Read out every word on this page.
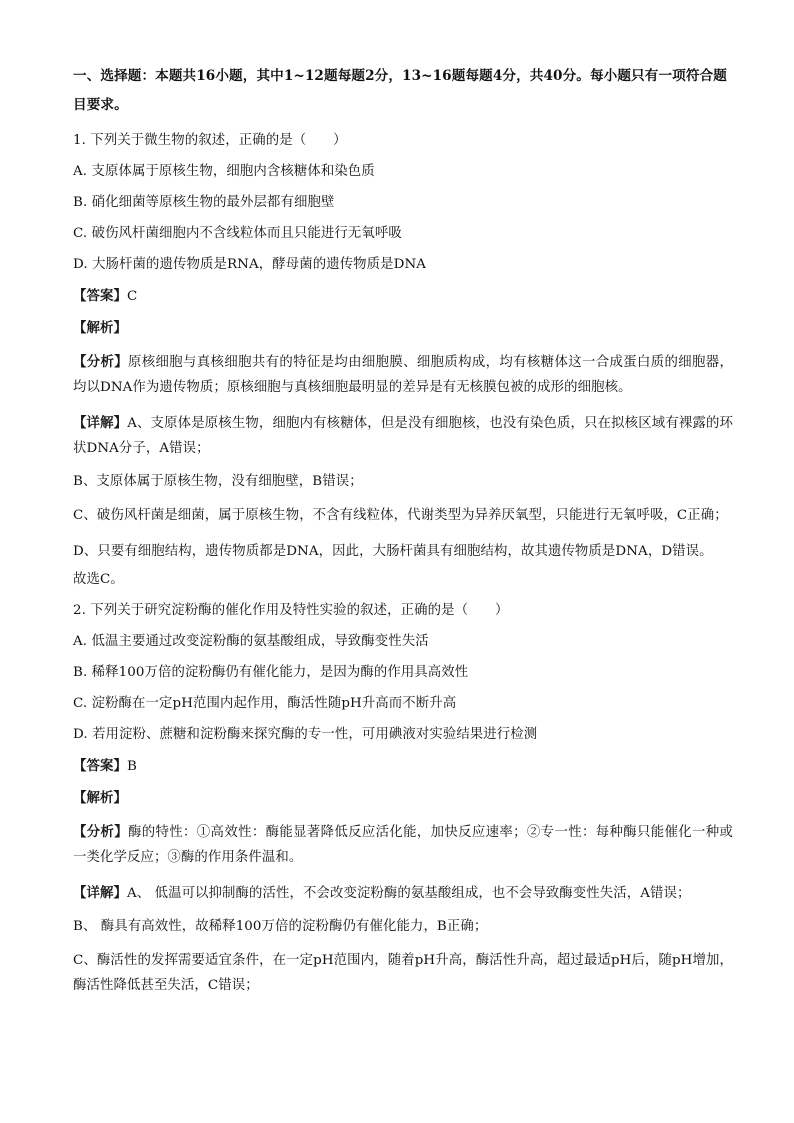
一、选择题：本题共16小题，其中1~12题每题2分，13~16题每题4分，共40分。每小题只有一项符合题目要求。

1. 下列关于微生物的叙述，正确的是（　　）

A. 支原体属于原核生物，细胞内含核糖体和染色质

B. 硝化细菌等原核生物的最外层都有细胞壁

C. 破伤风杆菌细胞内不含线粒体而且只能进行无氧呼吸

D. 大肠杆菌的遗传物质是RNA，酵母菌的遗传物质是DNA

【答案】C

【解析】

【分析】原核细胞与真核细胞共有的特征是均由细胞膜、细胞质构成，均有核糖体这一合成蛋白质的细胞器，均以DNA作为遗传物质；原核细胞与真核细胞最明显的差异是有无核膜包被的成形的细胞核。

【详解】A、支原体是原核生物，细胞内有核糖体，但是没有细胞核，也没有染色质，只在拟核区域有裸露的环状DNA分子，A错误；

B、支原体属于原核生物，没有细胞壁，B错误；

C、破伤风杆菌是细菌，属于原核生物，不含有线粒体，代谢类型为异养厌氧型，只能进行无氧呼吸，C正确；

D、只要有细胞结构，遗传物质都是DNA，因此，大肠杆菌具有细胞结构，故其遗传物质是DNA，D错误。

故选C。

2. 下列关于研究淀粉酶的催化作用及特性实验的叙述，正确的是（　　）

A. 低温主要通过改变淀粉酶的氨基酸组成，导致酶变性失活

B. 稀释100万倍的淀粉酶仍有催化能力，是因为酶的作用具高效性

C. 淀粉酶在一定pH范围内起作用，酶活性随pH升高而不断升高

D. 若用淀粉、蔗糖和淀粉酶来探究酶的专一性，可用碘液对实验结果进行检测

【答案】B

【解析】

【分析】酶的特性：①高效性：酶能显著降低反应活化能，加快反应速率；②专一性：每种酶只能催化一种或一类化学反应；③酶的作用条件温和。

【详解】A、 低温可以抑制酶的活性，不会改变淀粉酶的氨基酸组成，也不会导致酶变性失活，A错误；

B、 酶具有高效性，故稀释100万倍的淀粉酶仍有催化能力，B正确；

C、酶活性的发挥需要适宜条件，在一定pH范围内，随着pH升高，酶活性升高，超过最适pH后，随pH增加，酶活性降低甚至失活，C错误；
